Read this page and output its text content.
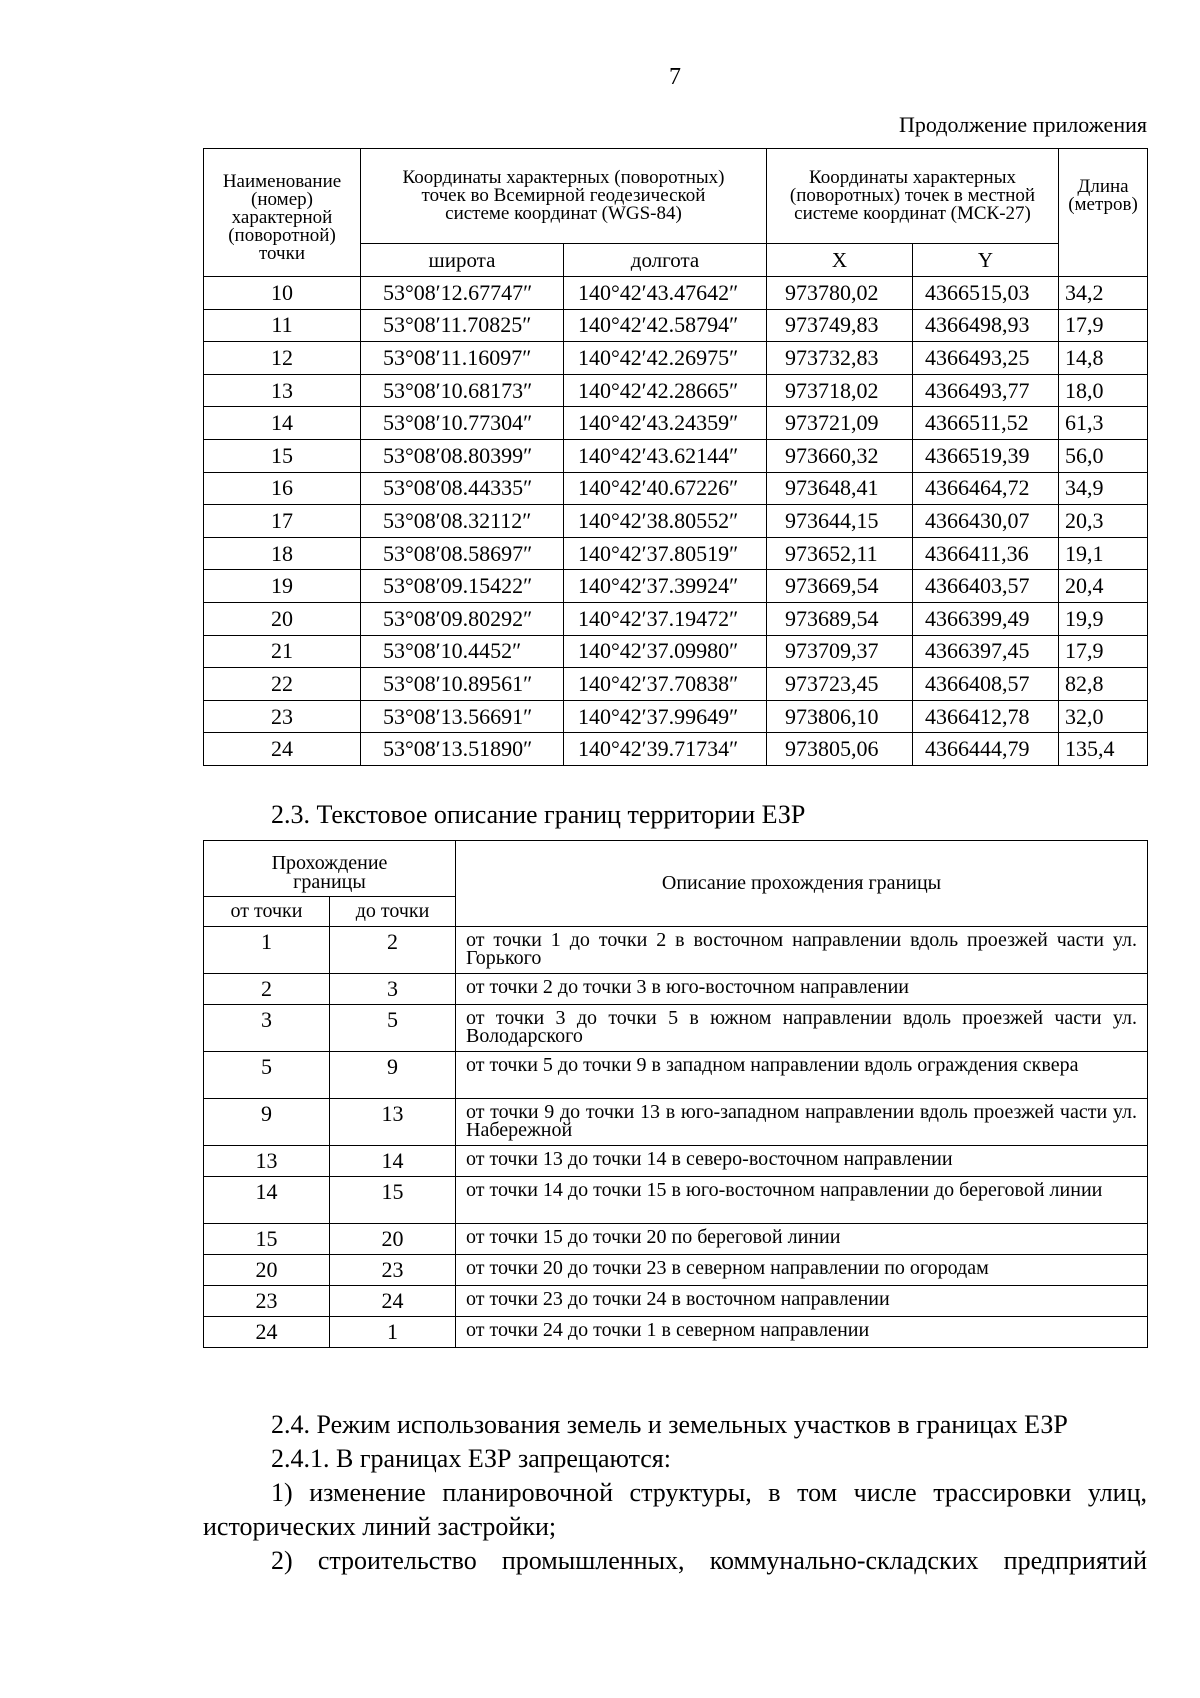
7
Продолжение приложения
Наименование (номер) характерной (поворотной) точки	Координаты характерных (поворотных) точек во Всемирной геодезической системе координат (WGS-84)		Координаты характерных (поворотных) точек в местной системе координат (МСК-27)		Длина (метров)
	широта	долгота	X	Y	
10	53°08′12.67747″	140°42′43.47642″	973780,02	4366515,03	34,2
11	53°08′11.70825″	140°42′42.58794″	973749,83	4366498,93	17,9
12	53°08′11.16097″	140°42′42.26975″	973732,83	4366493,25	14,8
13	53°08′10.68173″	140°42′42.28665″	973718,02	4366493,77	18,0
14	53°08′10.77304″	140°42′43.24359″	973721,09	4366511,52	61,3
15	53°08′08.80399″	140°42′43.62144″	973660,32	4366519,39	56,0
16	53°08′08.44335″	140°42′40.67226″	973648,41	4366464,72	34,9
17	53°08′08.32112″	140°42′38.80552″	973644,15	4366430,07	20,3
18	53°08′08.58697″	140°42′37.80519″	973652,11	4366411,36	19,1
19	53°08′09.15422″	140°42′37.39924″	973669,54	4366403,57	20,4
20	53°08′09.80292″	140°42′37.19472″	973689,54	4366399,49	19,9
21	53°08′10.4452″	140°42′37.09980″	973709,37	4366397,45	17,9
22	53°08′10.89561″	140°42′37.70838″	973723,45	4366408,57	82,8
23	53°08′13.56691″	140°42′37.99649″	973806,10	4366412,78	32,0
24	53°08′13.51890″	140°42′39.71734″	973805,06	4366444,79	135,4
2.3. Текстовое описание границ территории ЕЗР
Прохождение границы		Описание прохождения границы
от точки	до точки	
1	2	от точки 1 до точки 2 в восточном направлении вдоль проезжей части ул. Горького
2	3	от точки 2 до точки 3 в юго-восточном направлении
3	5	от точки 3 до точки 5 в южном направлении вдоль проезжей части ул. Володарского
5	9	от точки 5 до точки 9 в западном направлении вдоль ограждения сквера
9	13	от точки 9 до точки 13 в юго-западном направлении вдоль проезжей части ул. Набережной
13	14	от точки 13 до точки 14 в северо-восточном направлении
14	15	от точки 14 до точки 15 в юго-восточном направлении до береговой линии
15	20	от точки 15 до точки 20 по береговой линии
20	23	от точки 20 до точки 23 в северном направлении по огородам
23	24	от точки 23 до точки 24 в восточном направлении
24	1	от точки 24 до точки 1 в северном направлении
2.4. Режим использования земель и земельных участков в границах ЕЗР
2.4.1. В границах ЕЗР запрещаются:
1) изменение планировочной структуры, в том числе трассировки улиц, исторических линий застройки;
2) строительство промышленных, коммунально-складских предприятий
